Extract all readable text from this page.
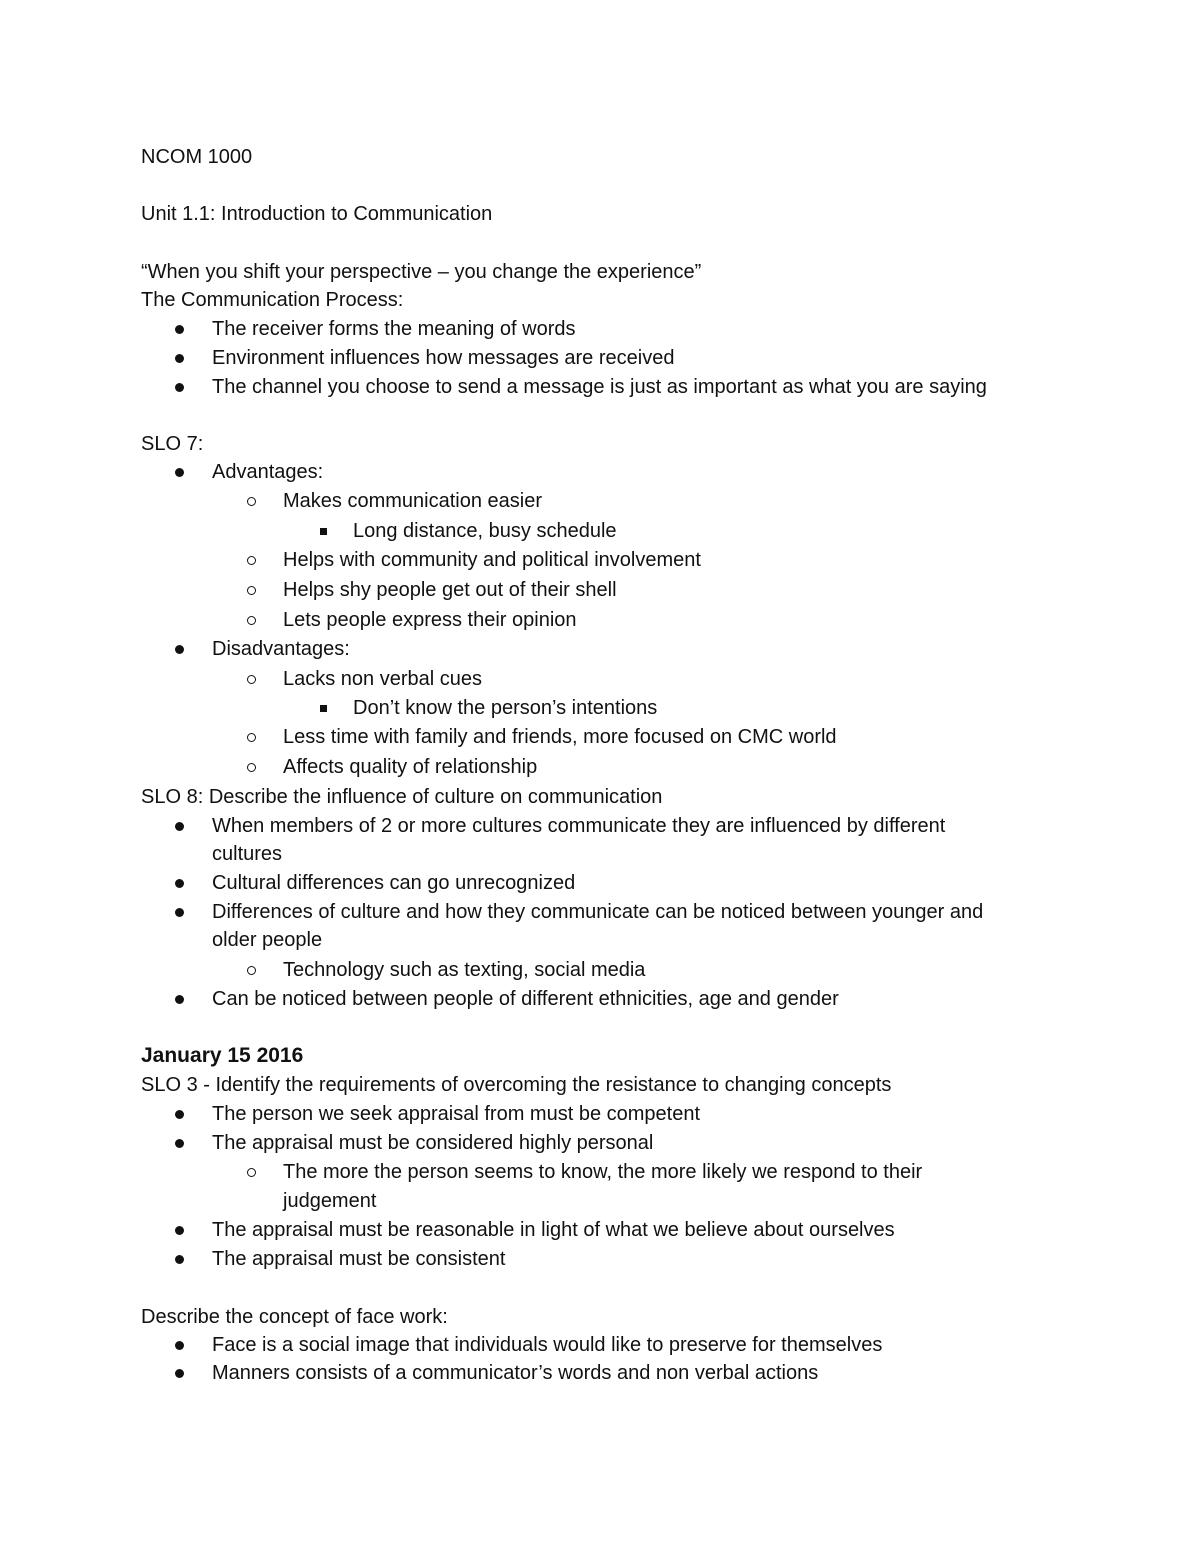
NCOM 1000
Unit 1.1: Introduction to Communication
“When you shift your perspective – you change the experience”
The Communication Process:
The receiver forms the meaning of words
Environment influences how messages are received
The channel you choose to send a message is just as important as what you are saying
SLO 7:
Advantages:
Makes communication easier
Long distance, busy schedule
Helps with community and political involvement
Helps shy people get out of their shell
Lets people express their opinion
Disadvantages:
Lacks non verbal cues
Don’t know the person’s intentions
Less time with family and friends, more focused on CMC world
Affects quality of relationship
SLO 8: Describe the influence of culture on communication
When members of 2 or more cultures communicate they are influenced by different
cultures
Cultural differences can go unrecognized
Differences of culture and how they communicate can be noticed between younger and
older people
Technology such as texting, social media
Can be noticed between people of different ethnicities, age and gender
January 15 2016
SLO 3 - Identify the requirements of overcoming the resistance to changing concepts
The person we seek appraisal from must be competent
The appraisal must be considered highly personal
The more the person seems to know, the more likely we respond to their
judgement
The appraisal must be reasonable in light of what we believe about ourselves
The appraisal must be consistent
Describe the concept of face work:
Face is a social image that individuals would like to preserve for themselves
Manners consists of a communicator’s words and non verbal actions
